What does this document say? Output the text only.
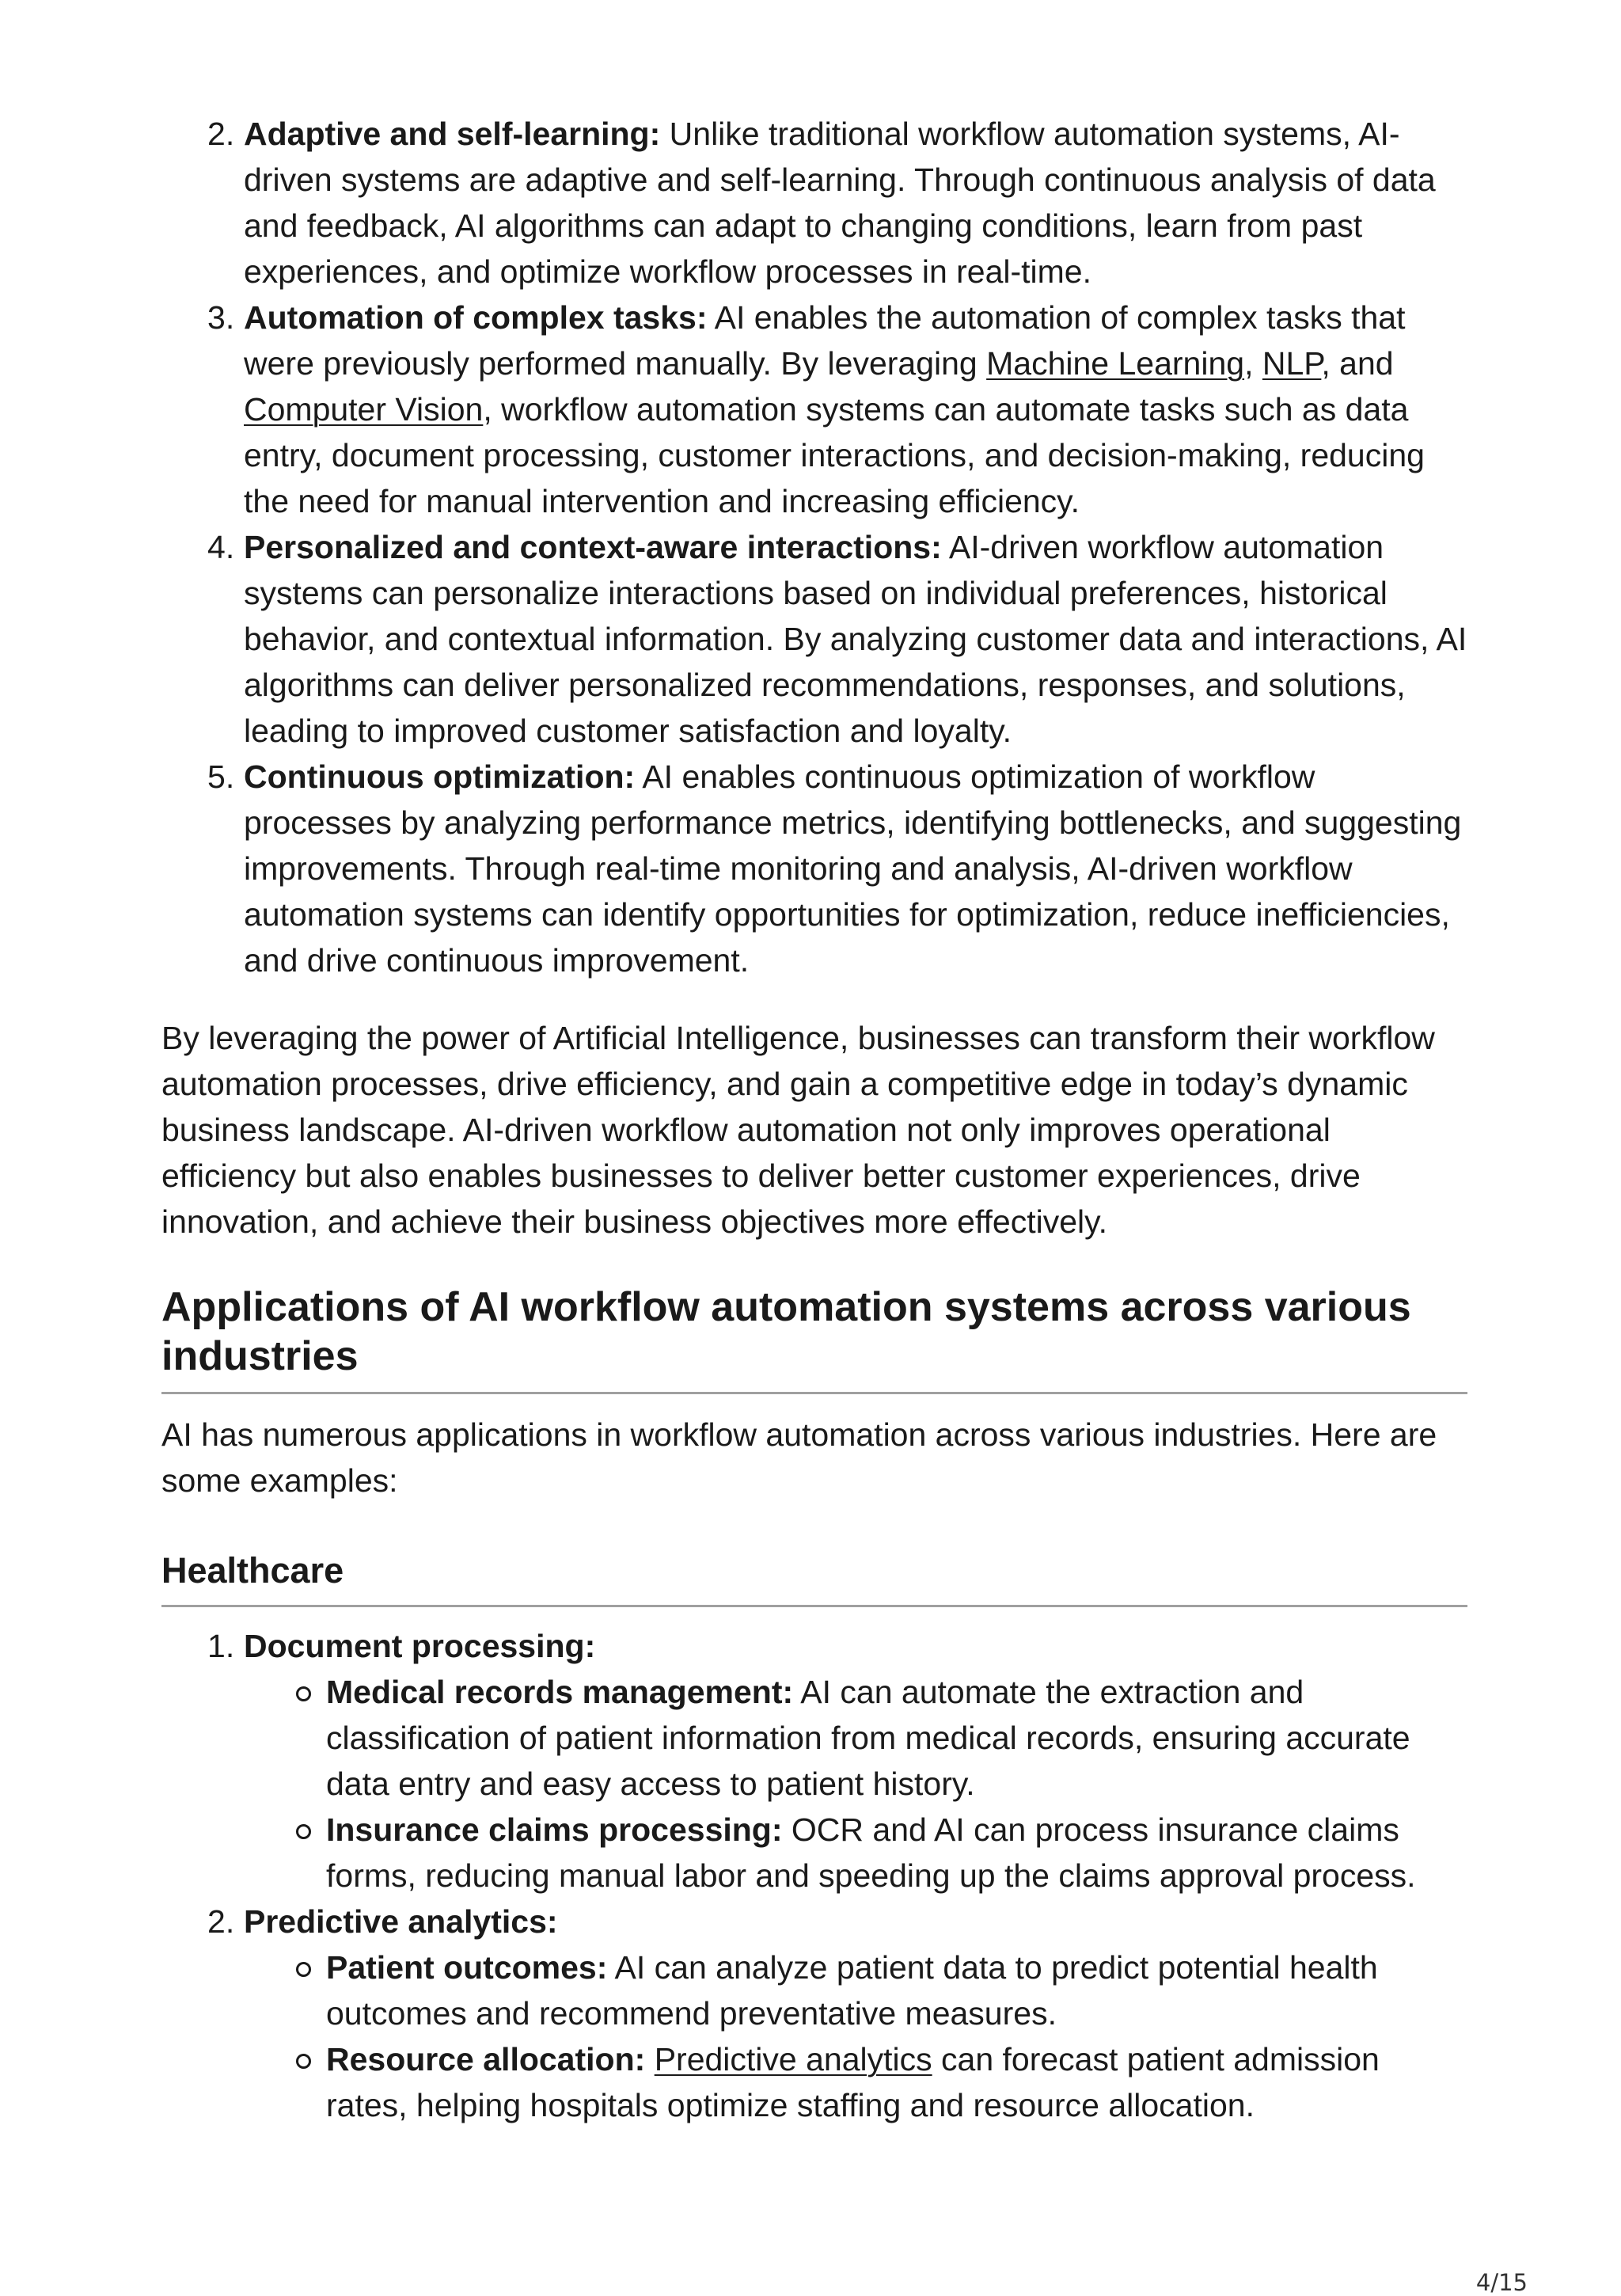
Adaptive and self-learning: Unlike traditional workflow automation systems, AI-driven systems are adaptive and self-learning. Through continuous analysis of data and feedback, AI algorithms can adapt to changing conditions, learn from past experiences, and optimize workflow processes in real-time.
Automation of complex tasks: AI enables the automation of complex tasks that were previously performed manually. By leveraging Machine Learning, NLP, and Computer Vision, workflow automation systems can automate tasks such as data entry, document processing, customer interactions, and decision-making, reducing the need for manual intervention and increasing efficiency.
Personalized and context-aware interactions: AI-driven workflow automation systems can personalize interactions based on individual preferences, historical behavior, and contextual information. By analyzing customer data and interactions, AI algorithms can deliver personalized recommendations, responses, and solutions, leading to improved customer satisfaction and loyalty.
Continuous optimization: AI enables continuous optimization of workflow processes by analyzing performance metrics, identifying bottlenecks, and suggesting improvements. Through real-time monitoring and analysis, AI-driven workflow automation systems can identify opportunities for optimization, reduce inefficiencies, and drive continuous improvement.

By leveraging the power of Artificial Intelligence, businesses can transform their workflow automation processes, drive efficiency, and gain a competitive edge in today’s dynamic business landscape. AI-driven workflow automation not only improves operational efficiency but also enables businesses to deliver better customer experiences, drive innovation, and achieve their business objectives more effectively.

Applications of AI workflow automation systems across various industries

AI has numerous applications in workflow automation across various industries. Here are some examples:

Healthcare
Document processing:
Medical records management: AI can automate the extraction and classification of patient information from medical records, ensuring accurate data entry and easy access to patient history.
Insurance claims processing: OCR and AI can process insurance claims forms, reducing manual labor and speeding up the claims approval process.
Predictive analytics:
Patient outcomes: AI can analyze patient data to predict potential health outcomes and recommend preventative measures.
Resource allocation: Predictive analytics can forecast patient admission rates, helping hospitals optimize staffing and resource allocation.
4/15
